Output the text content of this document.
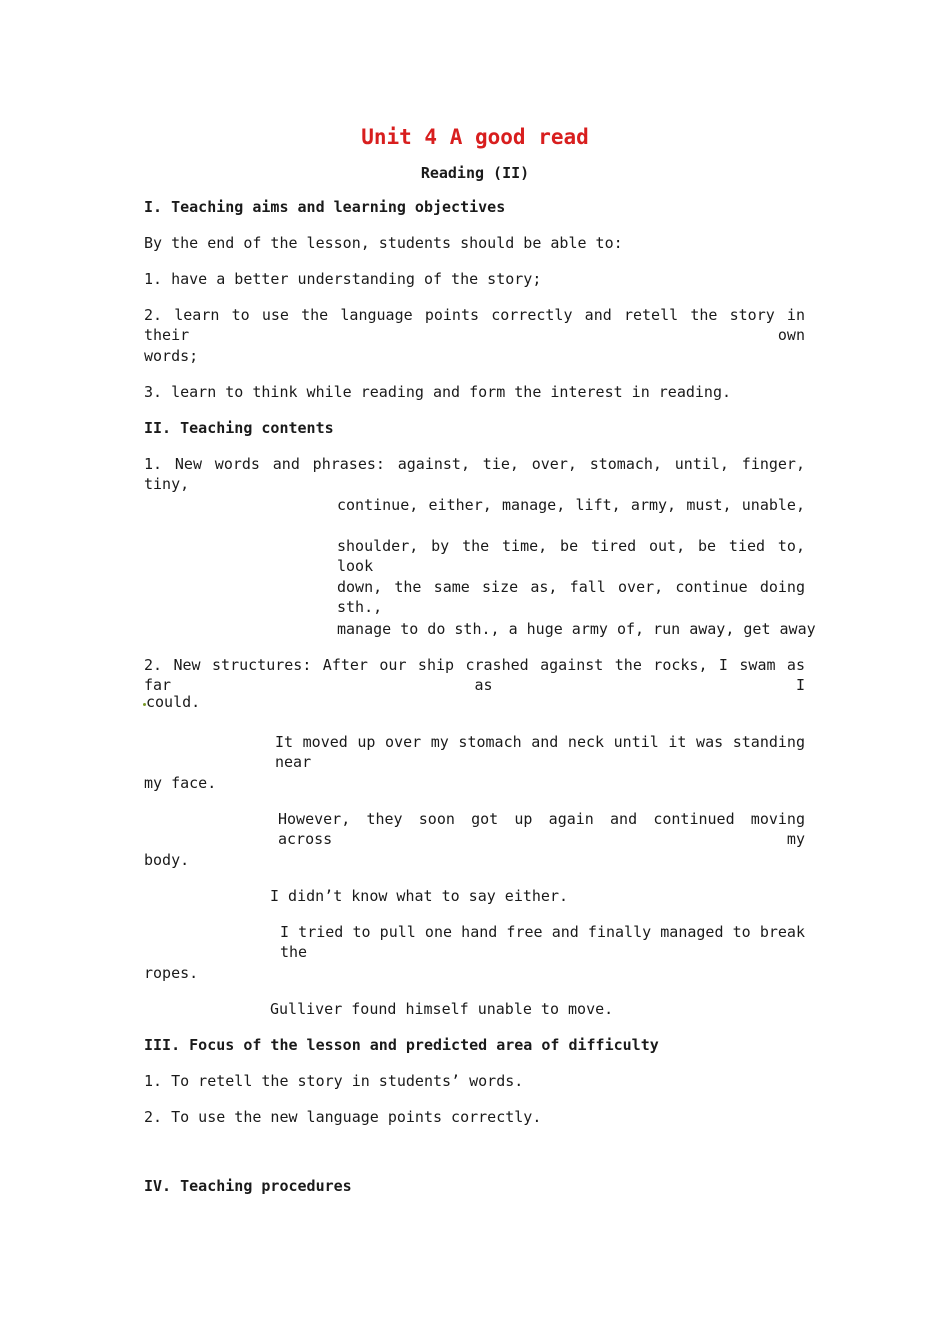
Unit 4 A good read
Reading (II)
I. Teaching aims and learning objectives
By the end of the lesson, students should be able to:
1. have a better understanding of the story;
2. learn to use the language points correctly and retell the story in their own
words;
3. learn to think while reading and form the interest in reading.
II. Teaching contents
1. New words and phrases: against, tie, over, stomach, until, finger, tiny,
continue, either, manage, lift, army, must, unable,
shoulder, by the time, be tired out, be tied to, look
down, the same size as, fall over, continue doing sth.,
manage to do sth., a huge army of, run away, get away
2. New structures: After our ship crashed against the rocks, I swam as far as I
could.
It moved up over my stomach and neck until it was standing near
my face.
However, they soon got up again and continued moving across my
body.
I didn’t know what to say either.
I tried to pull one hand free and finally managed to break the
ropes.
Gulliver found himself unable to move.
III. Focus of the lesson and predicted area of difficulty
1. To retell the story in students’ words.
2. To use the new language points correctly.
IV. Teaching procedures
